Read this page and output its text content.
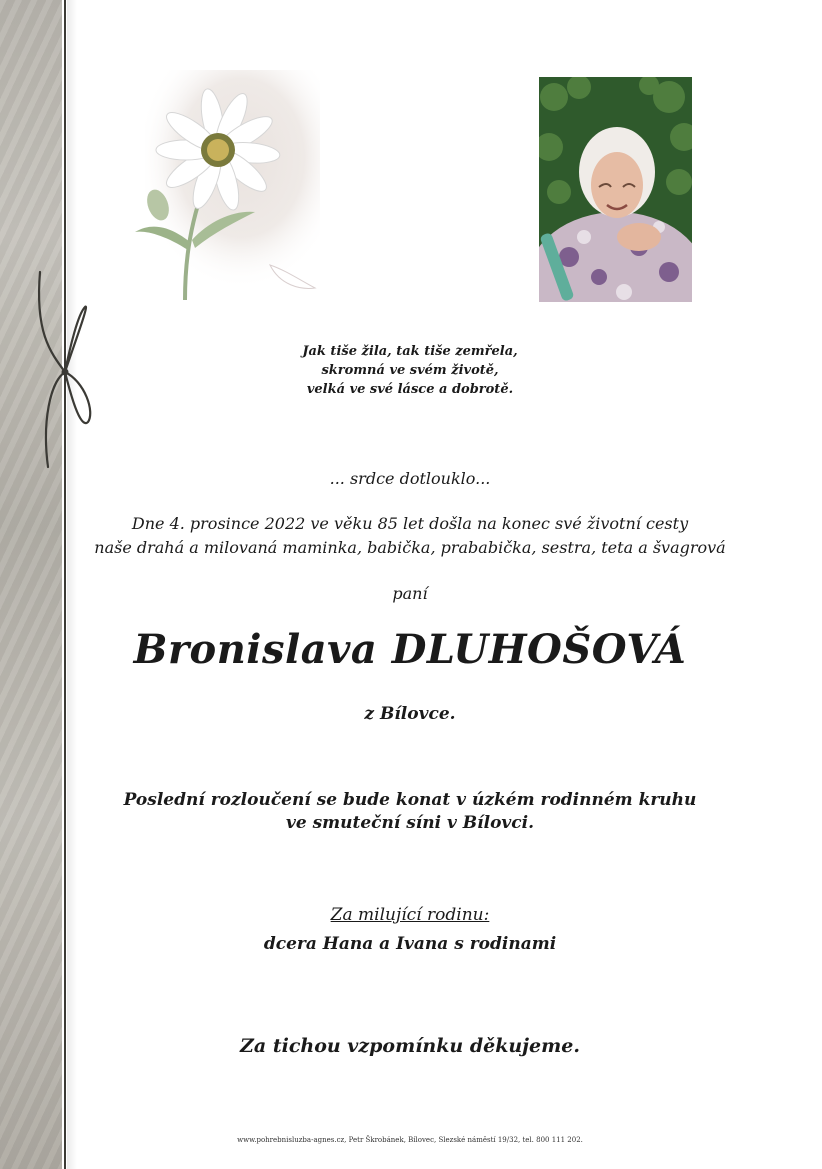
Jak tiše žila, tak tiše zemřela,
skromná ve svém životě,
velká ve své lásce a dobrotě.
... srdce dotlouklo...
Dne 4. prosince 2022 ve věku 85 let došla na konec své životní cesty
naše drahá a milovaná maminka, babička, prababička, sestra, teta a švagrová
paní
Bronislava DLUHOŠOVÁ
z Bílovce.
Poslední rozloučení se bude konat v úzkém rodinném kruhu
ve smuteční síni v Bílovci.
Za milující rodinu:
dcera Hana a Ivana s rodinami
Za tichou vzpomínku děkujeme.
www.pohrebnisluzba-agnes.cz, Petr Škrobánek, Bílovec, Slezské náměstí 19/32, tel. 800 111 202.
